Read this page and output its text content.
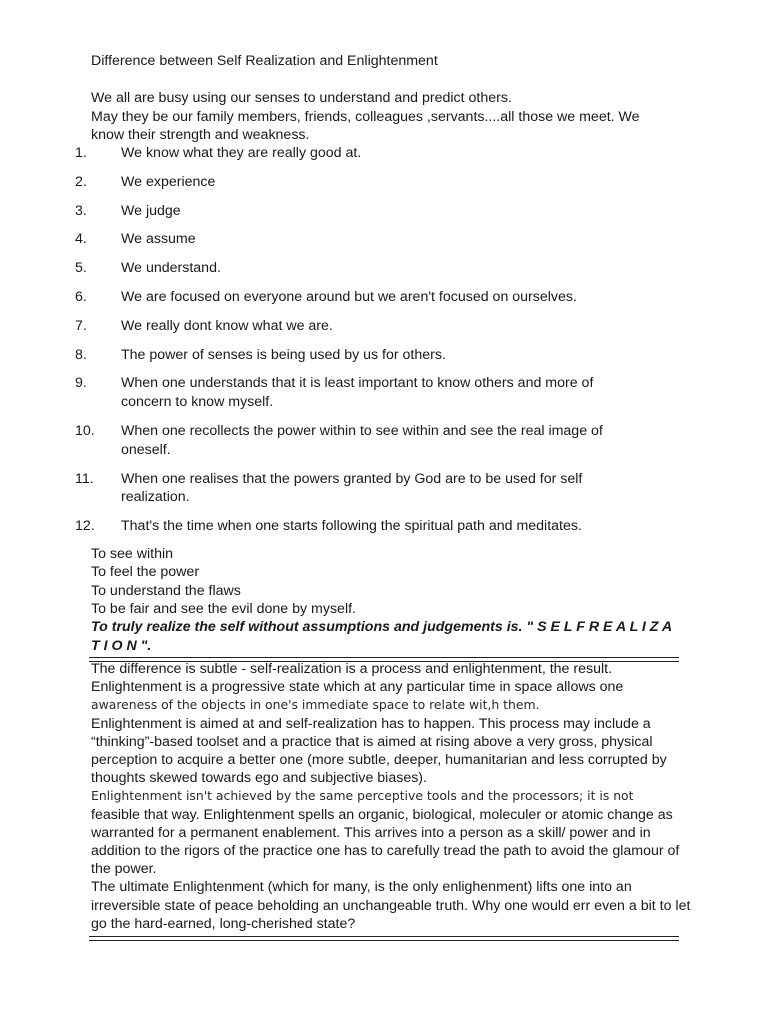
Difference between Self Realization and Enlightenment

We all are busy using our senses to understand and predict others.

May they be our family members, friends, colleagues ,servants....all those we meet. We know their strength and weakness.

1. We know what they are really good at.
2. We experience
3. We judge
4. We assume
5. We understand.
6. We are focused on everyone around but we aren't focused on ourselves.
7. We really dont know what we are.
8. The power of senses is being used by us for others.
9. When one understands that it is least important to know others and more of concern to know myself.
10. When one recollects the power within to see within and see the real image of oneself.
11. When one realises that the powers granted by God are to be used for self realization.
12. That's the time when one starts following the spiritual path and meditates.

To see within

To feel the power

To understand the flaws

To be fair and see the evil done by myself.

To truly realize the self without assumptions and judgements is. " S E L F R E A L I Z A T I O N ".

The difference is subtle - self-realization is a process and enlightenment, the result.

Enlightenment is a progressive state which at any particular time in space allows one

awareness of the objects in one's immediate space to relate wit,h them.

Enlightenment is aimed at and self-realization has to happen. This process may include a “thinking”-based toolset and a practice that is aimed at rising above a very gross, physical perception to acquire a better one (more subtle, deeper, humanitarian and less corrupted by thoughts skewed towards ego and subjective biases).

Enlightenment isn't achieved by the same perceptive tools and the processors; it is not

feasible that way. Enlightenment spells an organic, biological, moleculer or atomic change as warranted for a permanent enablement. This arrives into a person as a skill/ power and in addition to the rigors of the practice one has to carefully tread the path to avoid the glamour of the power.

The ultimate Enlightenment (which for many, is the only enlighenment) lifts one into an irreversible state of peace beholding an unchangeable truth. Why one would err even a bit to let go the hard-earned, long-cherished state?
